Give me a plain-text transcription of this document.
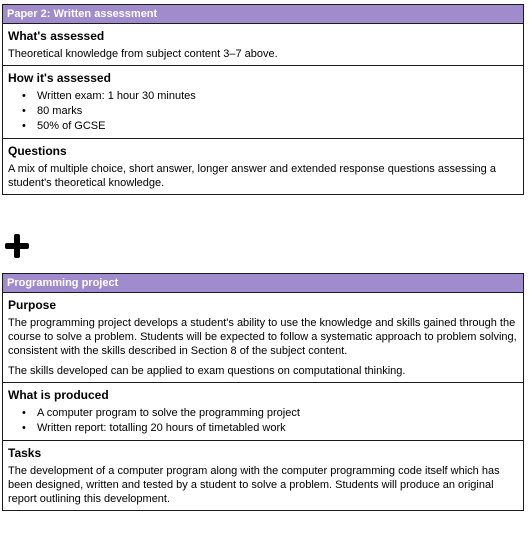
Paper 2: Written assessment
What's assessed
Theoretical knowledge from subject content 3–7 above.
How it's assessed
• Written exam: 1 hour 30 minutes
• 80 marks
• 50% of GCSE
Questions
A mix of multiple choice, short answer, longer answer and extended response questions assessing a student's theoretical knowledge.
Programming project
Purpose
The programming project develops a student's ability to use the knowledge and skills gained through the course to solve a problem. Students will be expected to follow a systematic approach to problem solving, consistent with the skills described in Section 8 of the subject content.
The skills developed can be applied to exam questions on computational thinking.
What is produced
• A computer program to solve the programming project
• Written report: totalling 20 hours of timetabled work
Tasks
The development of a computer program along with the computer programming code itself which has been designed, written and tested by a student to solve a problem. Students will produce an original report outlining this development.
